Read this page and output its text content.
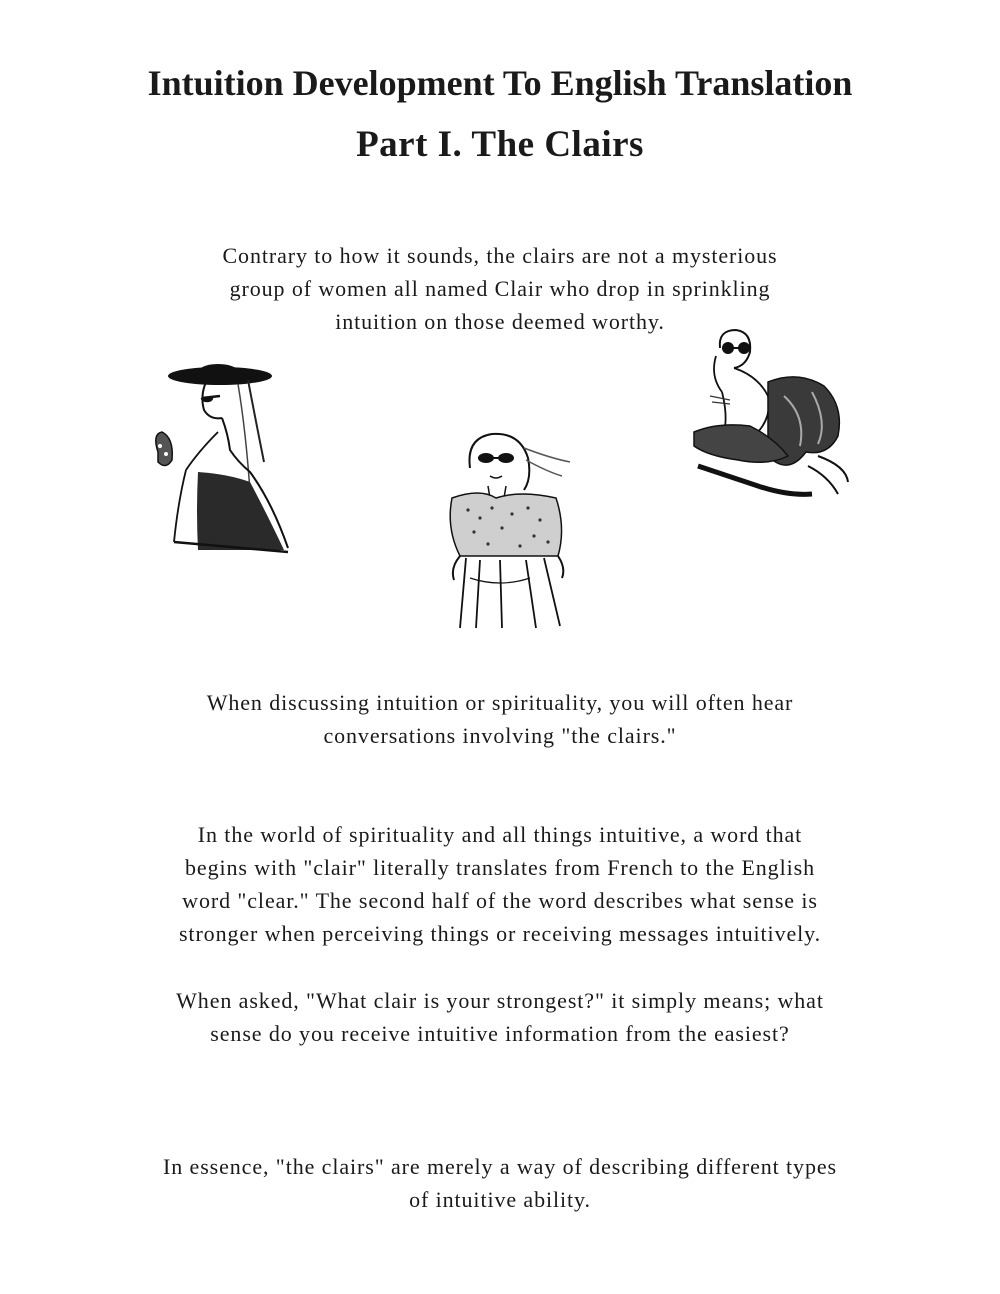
Intuition Development To English Translation
Part I. The Clairs

Contrary to how it sounds, the clairs are not a mysterious
group of women all named Clair who drop in sprinkling
intuition on those deemed worthy.

When discussing intuition or spirituality, you will often hear
conversations involving "the clairs."

In the world of spirituality and all things intuitive, a word that
begins with "clair" literally translates from French to the English
word "clear." The second half of the word describes what sense is
stronger when perceiving things or receiving messages intuitively.

When asked, "What clair is your strongest?" it simply means; what
sense do you receive intuitive information from the easiest?

In essence, "the clairs" are merely a way of describing different types
of intuitive ability.
